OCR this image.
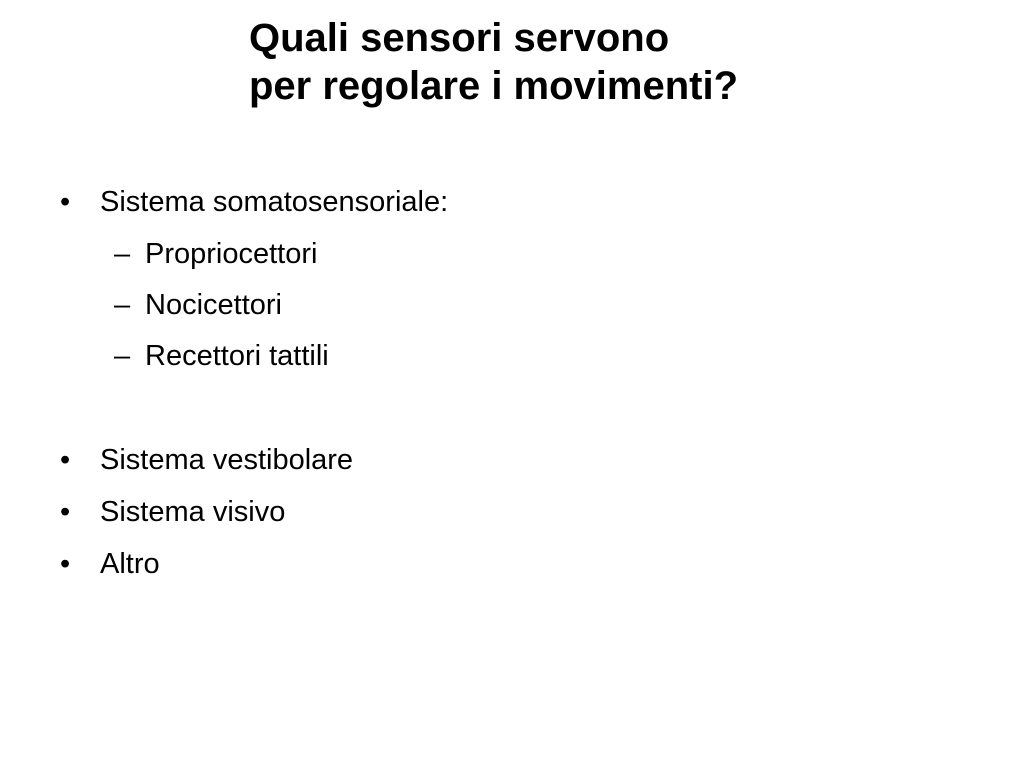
Quali sensori servono
per regolare i movimenti?
• Sistema somatosensoriale:
– Propriocettori
– Nocicettori
– Recettori tattili
• Sistema vestibolare
• Sistema visivo
• Altro
